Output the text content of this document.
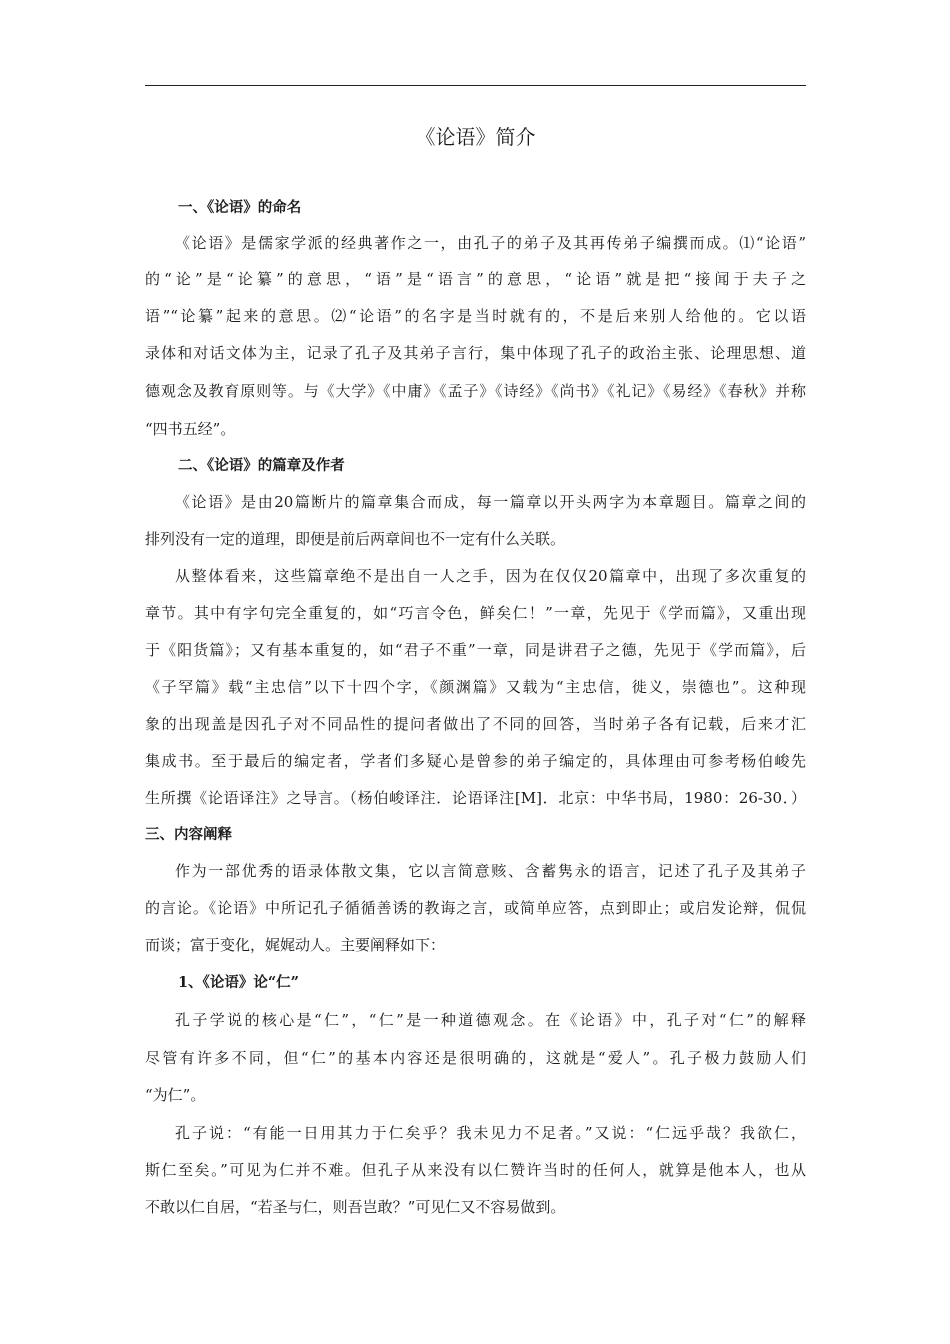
《论语》简介
一、《论语》的命名
《论语》是儒家学派的经典著作之一，由孔子的弟子及其再传弟子编撰而成。⑴“论语”
的“论”是“论纂”的意思，“语”是“语言”的意思，“论语”就是把“接闻于夫子之
语”“论纂”起来的意思。⑵“论语”的名字是当时就有的，不是后来别人给他的。它以语
录体和对话文体为主，记录了孔子及其弟子言行，集中体现了孔子的政治主张、论理思想、道
德观念及教育原则等。与《大学》《中庸》《孟子》《诗经》《尚书》《礼记》《易经》《春秋》并称
“四书五经”。
二、《论语》的篇章及作者
《论语》是由20篇断片的篇章集合而成，每一篇章以开头两字为本章题目。篇章之间的
排列没有一定的道理，即便是前后两章间也不一定有什么关联。
从整体看来，这些篇章绝不是出自一人之手，因为在仅仅20篇章中，出现了多次重复的
章节。其中有字句完全重复的，如“巧言令色，鲜矣仁！”一章，先见于《学而篇》，又重出现
于《阳货篇》；又有基本重复的，如“君子不重”一章，同是讲君子之德，先见于《学而篇》，后
《子罕篇》载“主忠信”以下十四个字，《颜渊篇》又载为“主忠信，徙义，崇德也”。这种现
象的出现盖是因孔子对不同品性的提问者做出了不同的回答，当时弟子各有记载，后来才汇
集成书。至于最后的编定者，学者们多疑心是曾参的弟子编定的，具体理由可参考杨伯峻先
生所撰《论语译注》之导言。（杨伯峻译注．论语译注[M]．北京：中华书局，1980：26-30．）
三、内容阐释
作为一部优秀的语录体散文集，它以言简意赅、含蓄隽永的语言，记述了孔子及其弟子
的言论。《论语》中所记孔子循循善诱的教诲之言，或简单应答，点到即止；或启发论辩，侃侃
而谈；富于变化，娓娓动人。主要阐释如下：
1、《论语》论“仁”
孔子学说的核心是“仁”，“仁”是一种道德观念。在《论语》中，孔子对“仁”的解释
尽管有许多不同，但“仁”的基本内容还是很明确的，这就是“爱人”。孔子极力鼓励人们
“为仁”。
孔子说：“有能一日用其力于仁矣乎？我未见力不足者。”又说：“仁远乎哉？我欲仁，
斯仁至矣。”可见为仁并不难。但孔子从来没有以仁赞许当时的任何人，就算是他本人，也从
不敢以仁自居，“若圣与仁，则吾岂敢？”可见仁又不容易做到。
